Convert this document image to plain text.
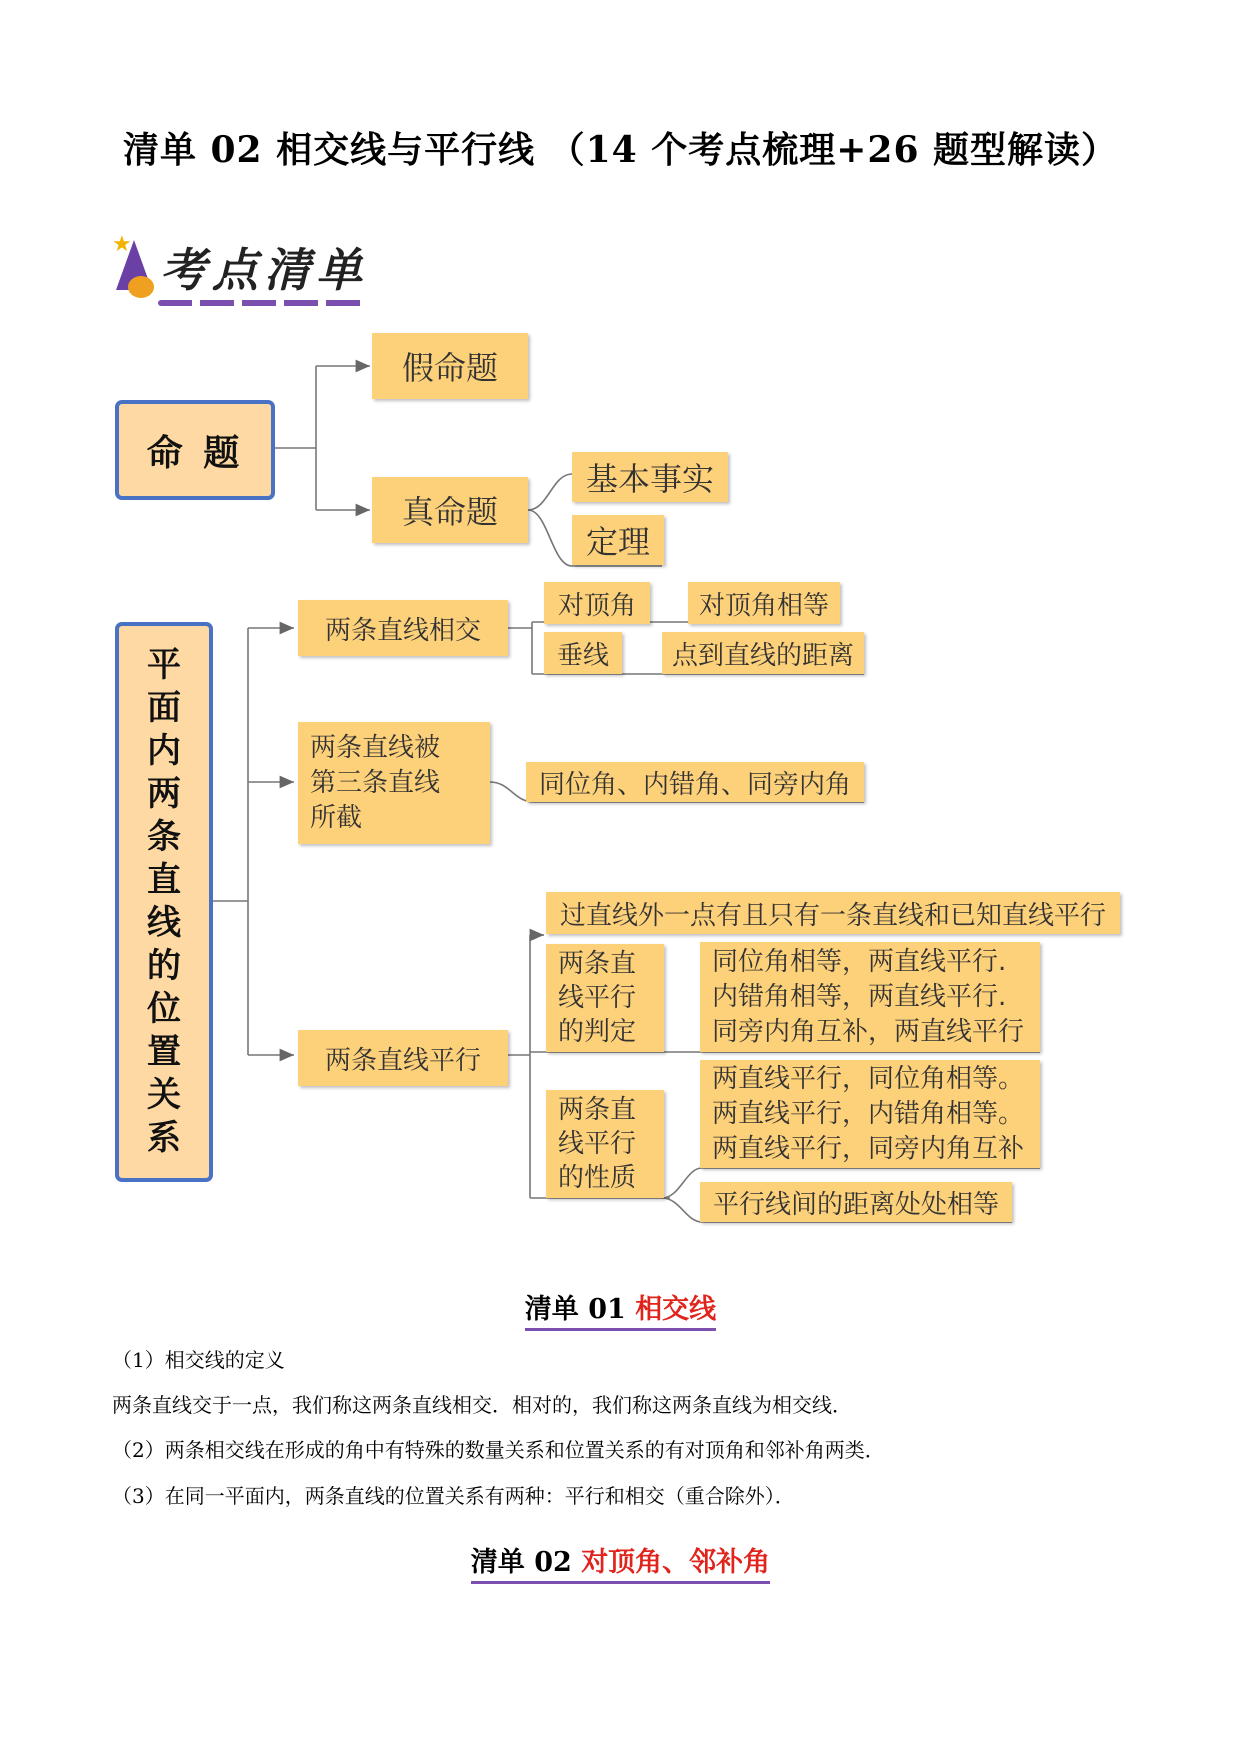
清单 02 相交线与平行线 （14 个考点梳理+26 题型解读）
★ 考点清单
命 题
假命题
真命题
基本事实
定理
平
面
内
两
条
直
线
的
位
置
关
系
两条直线相交
对顶角	对顶角相等
垂线	点到直线的距离
两条直线被
第三条直线
所截
同位角、内错角、同旁内角
两条直线平行
过直线外一点有且只有一条直线和已知直线平行
两条直
线平行
的判定
同位角相等，两直线平行.
内错角相等，两直线平行.
同旁内角互补，两直线平行
两条直
线平行
的性质
两直线平行，同位角相等。
两直线平行，内错角相等。
两直线平行，同旁内角互补
平行线间的距离处处相等
清单 01 相交线
（1）相交线的定义
两条直线交于一点，我们称这两条直线相交．相对的，我们称这两条直线为相交线．
（2）两条相交线在形成的角中有特殊的数量关系和位置关系的有对顶角和邻补角两类．
（3）在同一平面内，两条直线的位置关系有两种：平行和相交（重合除外）．
清单 02 对顶角、邻补角
